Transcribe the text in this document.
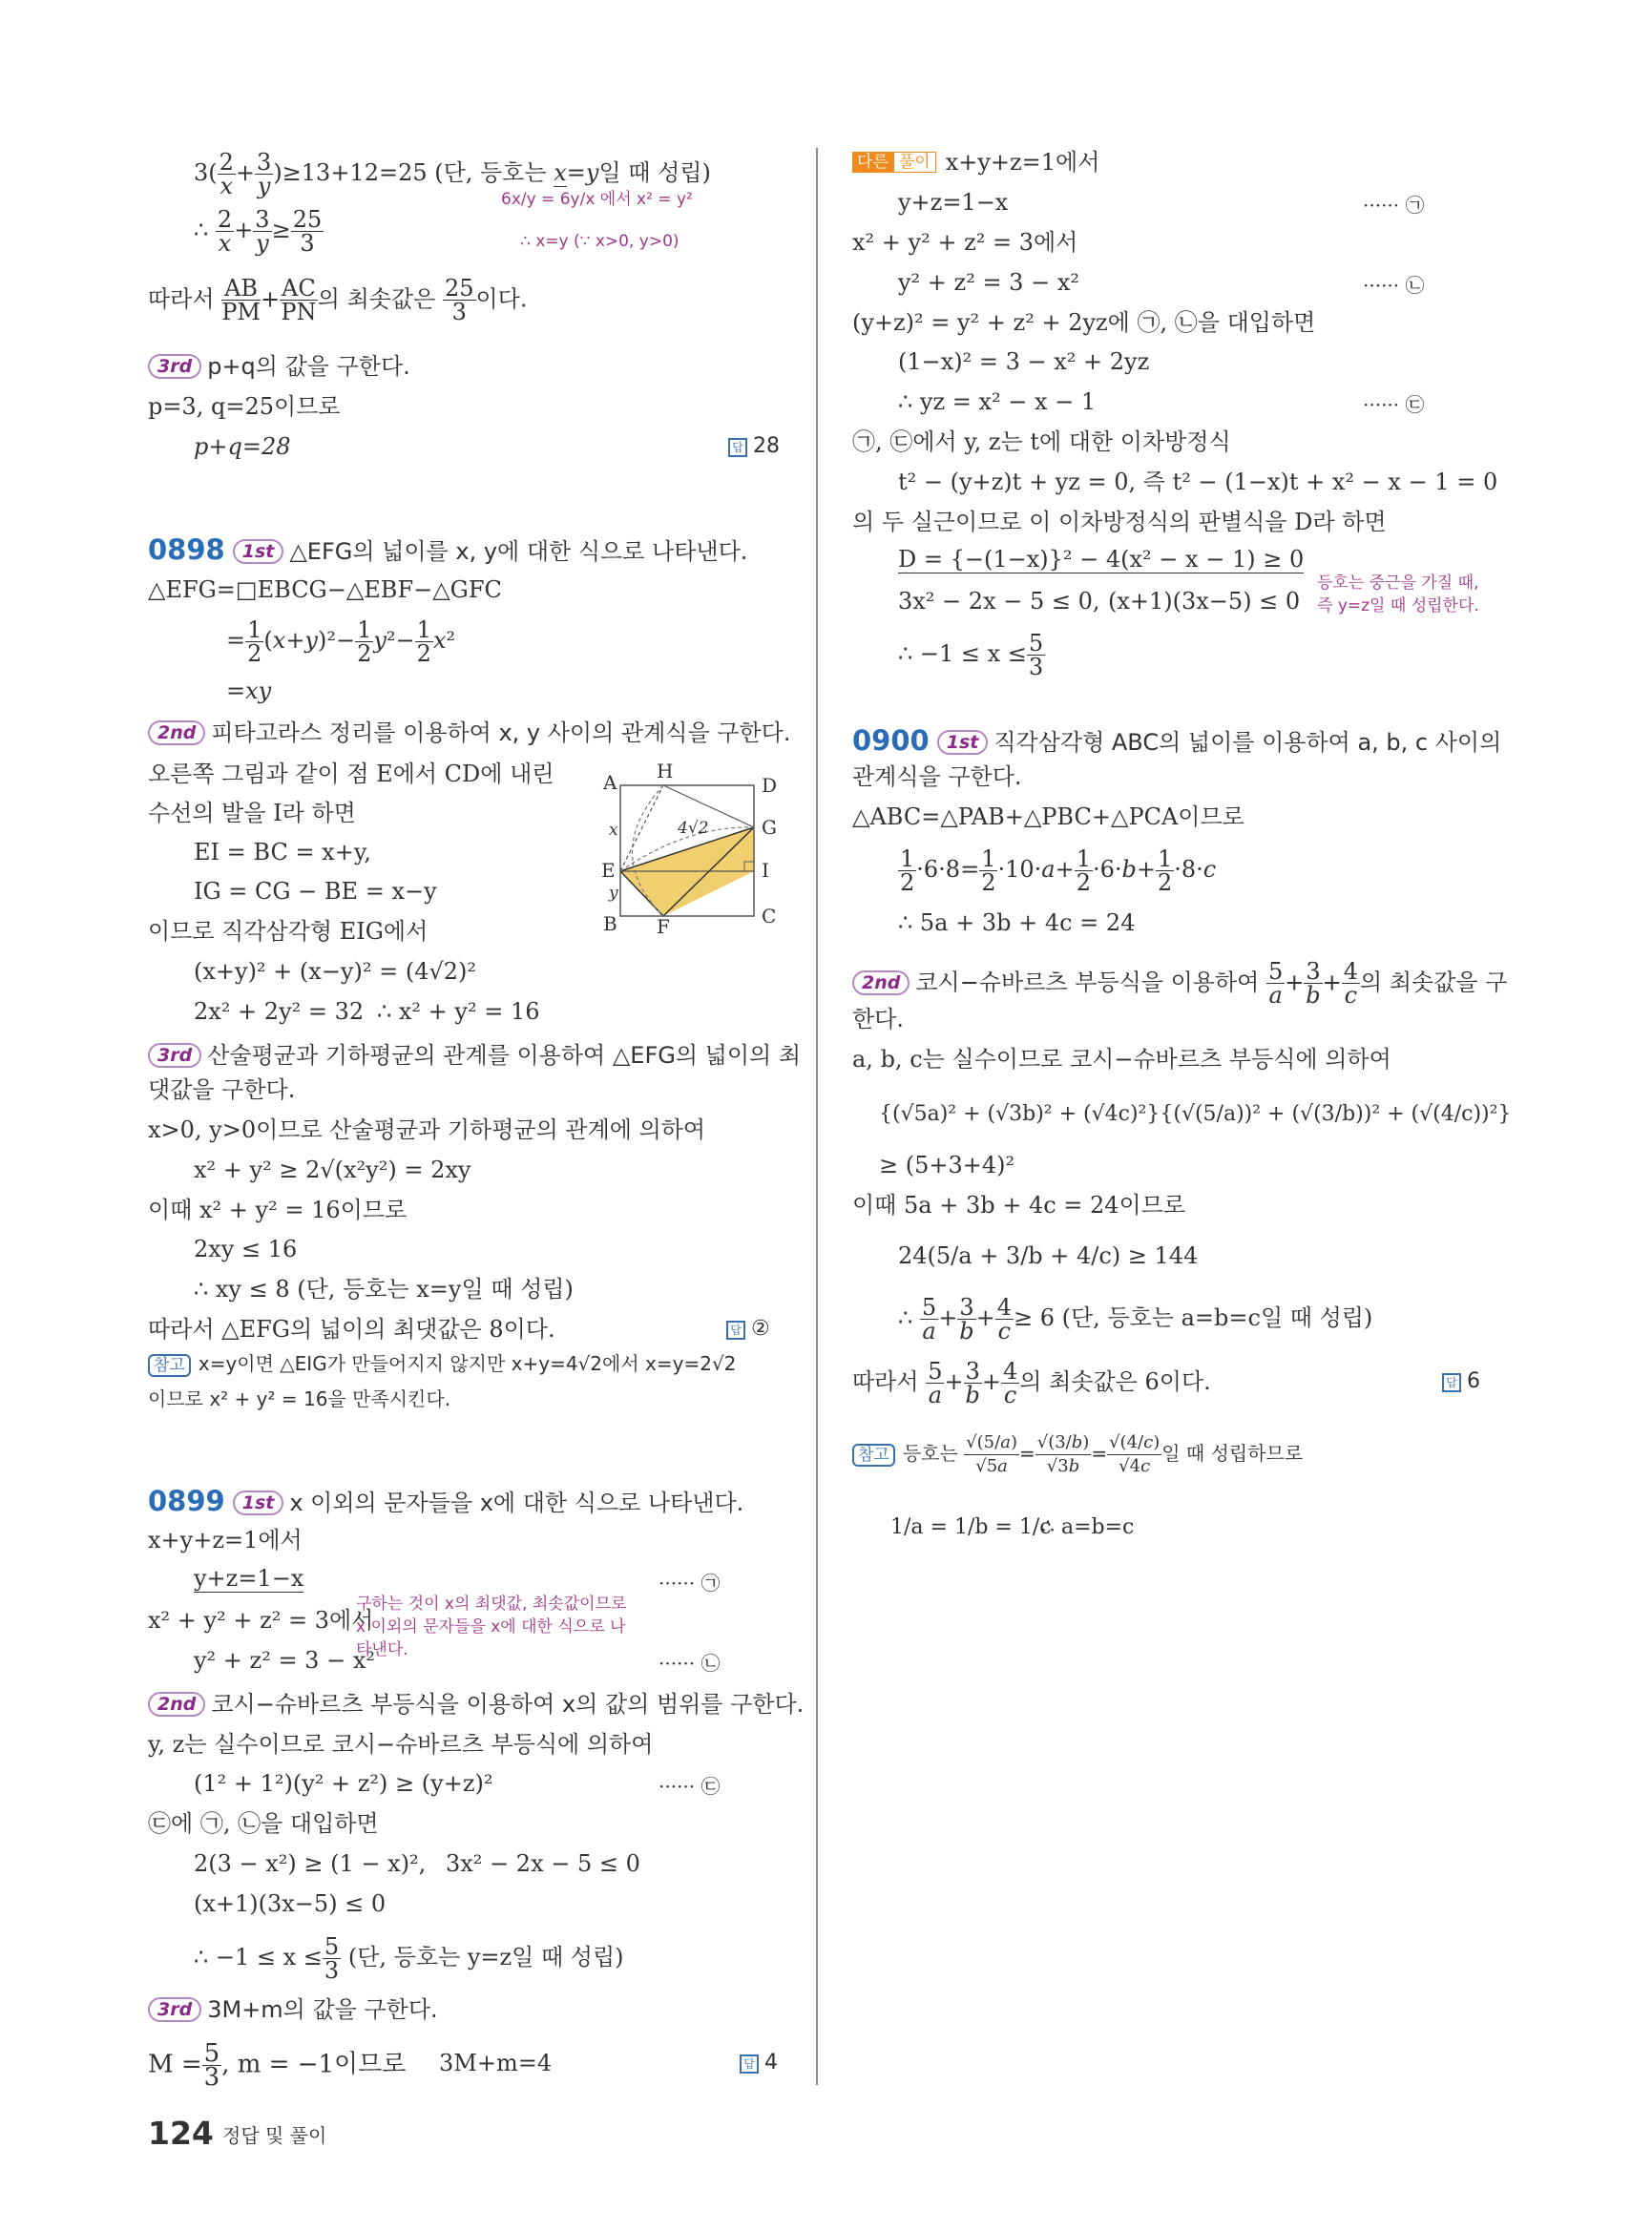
$3( \frac{2}{x} + \frac{3}{y} )\ge 13+12=25$ (단, 등호는 x=y일 때 성립)
6x/y = 6y/x 에서 x² = y²
∴ x=y (∵ x>0, y>0)
∴ $\frac{2}{x} + \frac{3}{y} \ge \frac{25}{3}$
따라서 $\frac{AB}{PM} + \frac{AC}{PN}$ 의 최솟값은 $\frac{25}{3}$ 이다.
3rd p+q의 값을 구한다.
p=3, q=25이므로
p+q=28	답 28
0898 1st △EFG의 넓이를 x, y에 대한 식으로 나타낸다.
△EFG=□EBCG−△EBF−△GFC
= $\frac{1}{2} (x+y)^2- \frac{1}{2} y^2- \frac{1}{2} x^2$
=xy
2nd 피타고라스 정리를 이용하여 x, y 사이의 관계식을 구한다.
오른쪽 그림과 같이 점 E에서 CD에 내린
수선의 발을 I라 하면
EI = BC = x+y,
IG = CG − BE = x−y
이므로 직각삼각형 EIG에서
(x+y)² + (x−y)² = (4√2)²
2x² + 2y² = 32 ∴ x² + y² = 16
A H
D
G
I
C
E
B F
x
y
4√2
3rd 산술평균과 기하평균의 관계를 이용하여 △EFG의 넓이의 최
댓값을 구한다.
x>0, y>0이므로 산술평균과 기하평균의 관계에 의하여
x² + y² ≥ 2√(x²y²) = 2xy
이때 x² + y² = 16이므로
2xy ≤ 16
∴ xy ≤ 8 (단, 등호는 x=y일 때 성립)
따라서 △EFG의 넓이의 최댓값은 8이다.	답 ②
참고 x=y이면 △EIG가 만들어지지 않지만 x+y=4√2에서 x=y=2√2
이므로 x² + y² = 16을 만족시킨다.
0899 1st x 이외의 문자들을 x에 대한 식으로 나타낸다.
x+y+z=1에서
y+z=1−x	······ ㉠
x² + y² + z² = 3에서
y² + z² = 3 − x²	······ ㉡
구하는 것이 x의 최댓값, 최솟값이므로
x 이외의 문자들을 x에 대한 식으로 나
타낸다.
2nd 코시−슈바르츠 부등식을 이용하여 x의 값의 범위를 구한다.
y, z는 실수이므로 코시−슈바르츠 부등식에 의하여
(1² + 1²)(y² + z²) ≥ (y+z)²	······ ㉢
㉢에 ㉠, ㉡을 대입하면
2(3 − x²) ≥ (1 − x)², 3x² − 2x − 5 ≤ 0
(x+1)(3x−5) ≤ 0
∴ $-1 \le x \le \frac{5}{3}$ (단, 등호는 y=z일 때 성립)
3rd 3M+m의 값을 구한다.
$M = \frac{5}{3}$ , m = −1이므로 3M+m=4	답 4
다른 풀이 x+y+z=1에서
y+z=1−x	······ ㉠
x² + y² + z² = 3에서
y² + z² = 3 − x²	······ ㉡
(y+z)² = y² + z² + 2yz에 ㉠, ㉡을 대입하면
(1−x)² = 3 − x² + 2yz
∴ yz = x² − x − 1	······ ㉢
㉠, ㉢에서 y, z는 t에 대한 이차방정식
t² − (y+z)t + yz = 0, 즉 t² − (1−x)t + x² − x − 1 = 0
의 두 실근이므로 이 이차방정식의 판별식을 D라 하면
D = {−(1−x)}² − 4(x² − x − 1) ≥ 0
3x² − 2x − 5 ≤ 0, (x+1)(3x−5) ≤ 0
등호는 중근을 가질 때,
즉 y=z일 때 성립한다.
∴ $-1 \le x \le \frac{5}{3}$
0900 1st 직각삼각형 ABC의 넓이를 이용하여 a, b, c 사이의
관계식을 구한다.
△ABC=△PAB+△PBC+△PCA이므로
$\frac{1}{2} \cdot 6\cdot 8= \frac{1}{2} \cdot 10\cdot a+ \frac{1}{2} \cdot 6\cdot b+ \frac{1}{2} \cdot 8\cdot c$
∴ 5a + 3b + 4c = 24
2nd 코시−슈바르츠 부등식을 이용하여 $\frac{5}{a} + \frac{3}{b} + \frac{4}{c}$ 의 최솟값을 구
한다.
a, b, c는 실수이므로 코시−슈바르츠 부등식에 의하여
{(√5a)² + (√3b)² + (√4c)²}{(√(5/a))² + (√(3/b))² + (√(4/c))²}
≥ (5+3+4)²
이때 5a + 3b + 4c = 24이므로
24(5/a + 3/b + 4/c) ≥ 144
∴ $\frac{5}{a} + \frac{3}{b} + \frac{4}{c} \ge 6$ (단, 등호는 a=b=c일 때 성립)
따라서 $\frac{5}{a} + \frac{3}{b} + \frac{4}{c}$ 의 최솟값은 6이다.	답 6
참고 등호는 $\frac{√(5/a)}{√5a} = \frac{√(3/b)}{√3b} = \frac{√(4/c)}{√4c}$ 일 때 성립하므로
1/a = 1/b = 1/c
∴ a=b=c
124 정답 및 풀이
